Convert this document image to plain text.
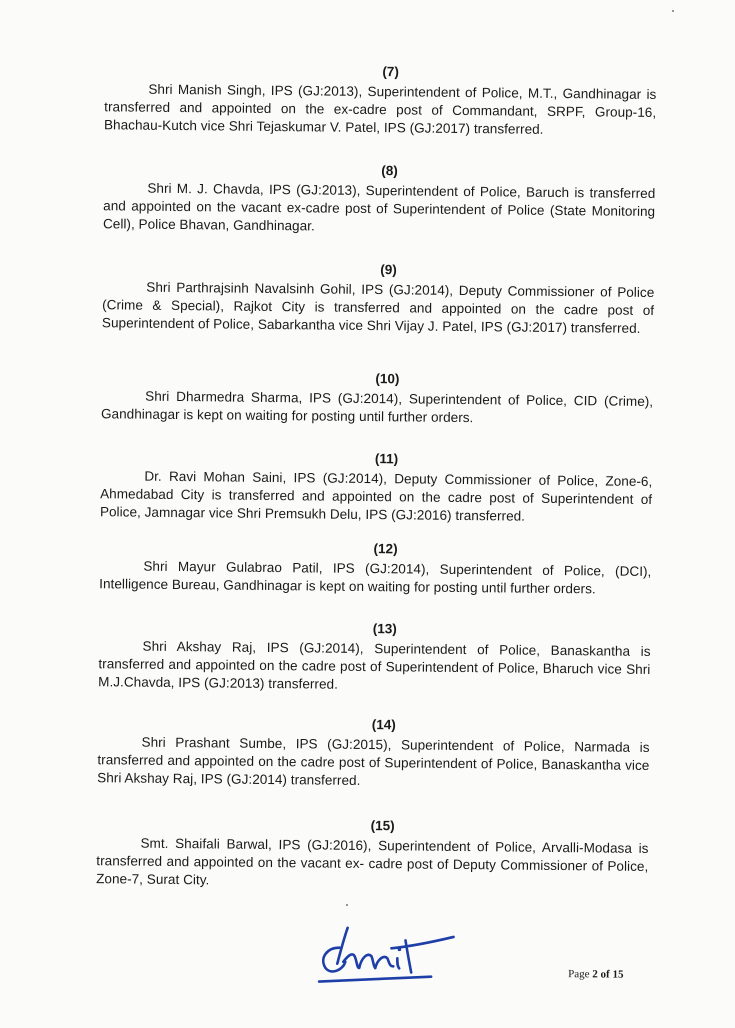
(7)

Shri Manish Singh, IPS (GJ:2013), Superintendent of Police, M.T., Gandhinagar is transferred and appointed on the ex-cadre post of Commandant, SRPF, Group-16, Bhachau-Kutch vice Shri Tejaskumar V. Patel, IPS (GJ:2017) transferred.

(8)

Shri M. J. Chavda, IPS (GJ:2013), Superintendent of Police, Baruch is transferred and appointed on the vacant ex-cadre post of Superintendent of Police (State Monitoring Cell), Police Bhavan, Gandhinagar.

(9)

Shri Parthrajsinh Navalsinh Gohil, IPS (GJ:2014), Deputy Commissioner of Police (Crime & Special), Rajkot City is transferred and appointed on the cadre post of Superintendent of Police, Sabarkantha vice Shri Vijay J. Patel, IPS (GJ:2017) transferred.

(10)

Shri Dharmedra Sharma, IPS (GJ:2014), Superintendent of Police, CID (Crime), Gandhinagar is kept on waiting for posting until further orders.

(11)

Dr. Ravi Mohan Saini, IPS (GJ:2014), Deputy Commissioner of Police, Zone-6, Ahmedabad City is transferred and appointed on the cadre post of Superintendent of Police, Jamnagar vice Shri Premsukh Delu, IPS (GJ:2016) transferred.

(12)

Shri Mayur Gulabrao Patil, IPS (GJ:2014), Superintendent of Police, (DCI), Intelligence Bureau, Gandhinagar is kept on waiting for posting until further orders.

(13)

Shri Akshay Raj, IPS (GJ:2014), Superintendent of Police, Banaskantha is transferred and appointed on the cadre post of Superintendent of Police, Bharuch vice Shri M.J.Chavda, IPS (GJ:2013) transferred.

(14)

Shri Prashant Sumbe, IPS (GJ:2015), Superintendent of Police, Narmada is transferred and appointed on the cadre post of Superintendent of Police, Banaskantha vice Shri Akshay Raj, IPS (GJ:2014) transferred.

(15)

Smt. Shaifali Barwal, IPS (GJ:2016), Superintendent of Police, Arvalli-Modasa is transferred and appointed on the vacant ex- cadre post of Deputy Commissioner of Police, Zone-7, Surat City.

Page 2 of 15
